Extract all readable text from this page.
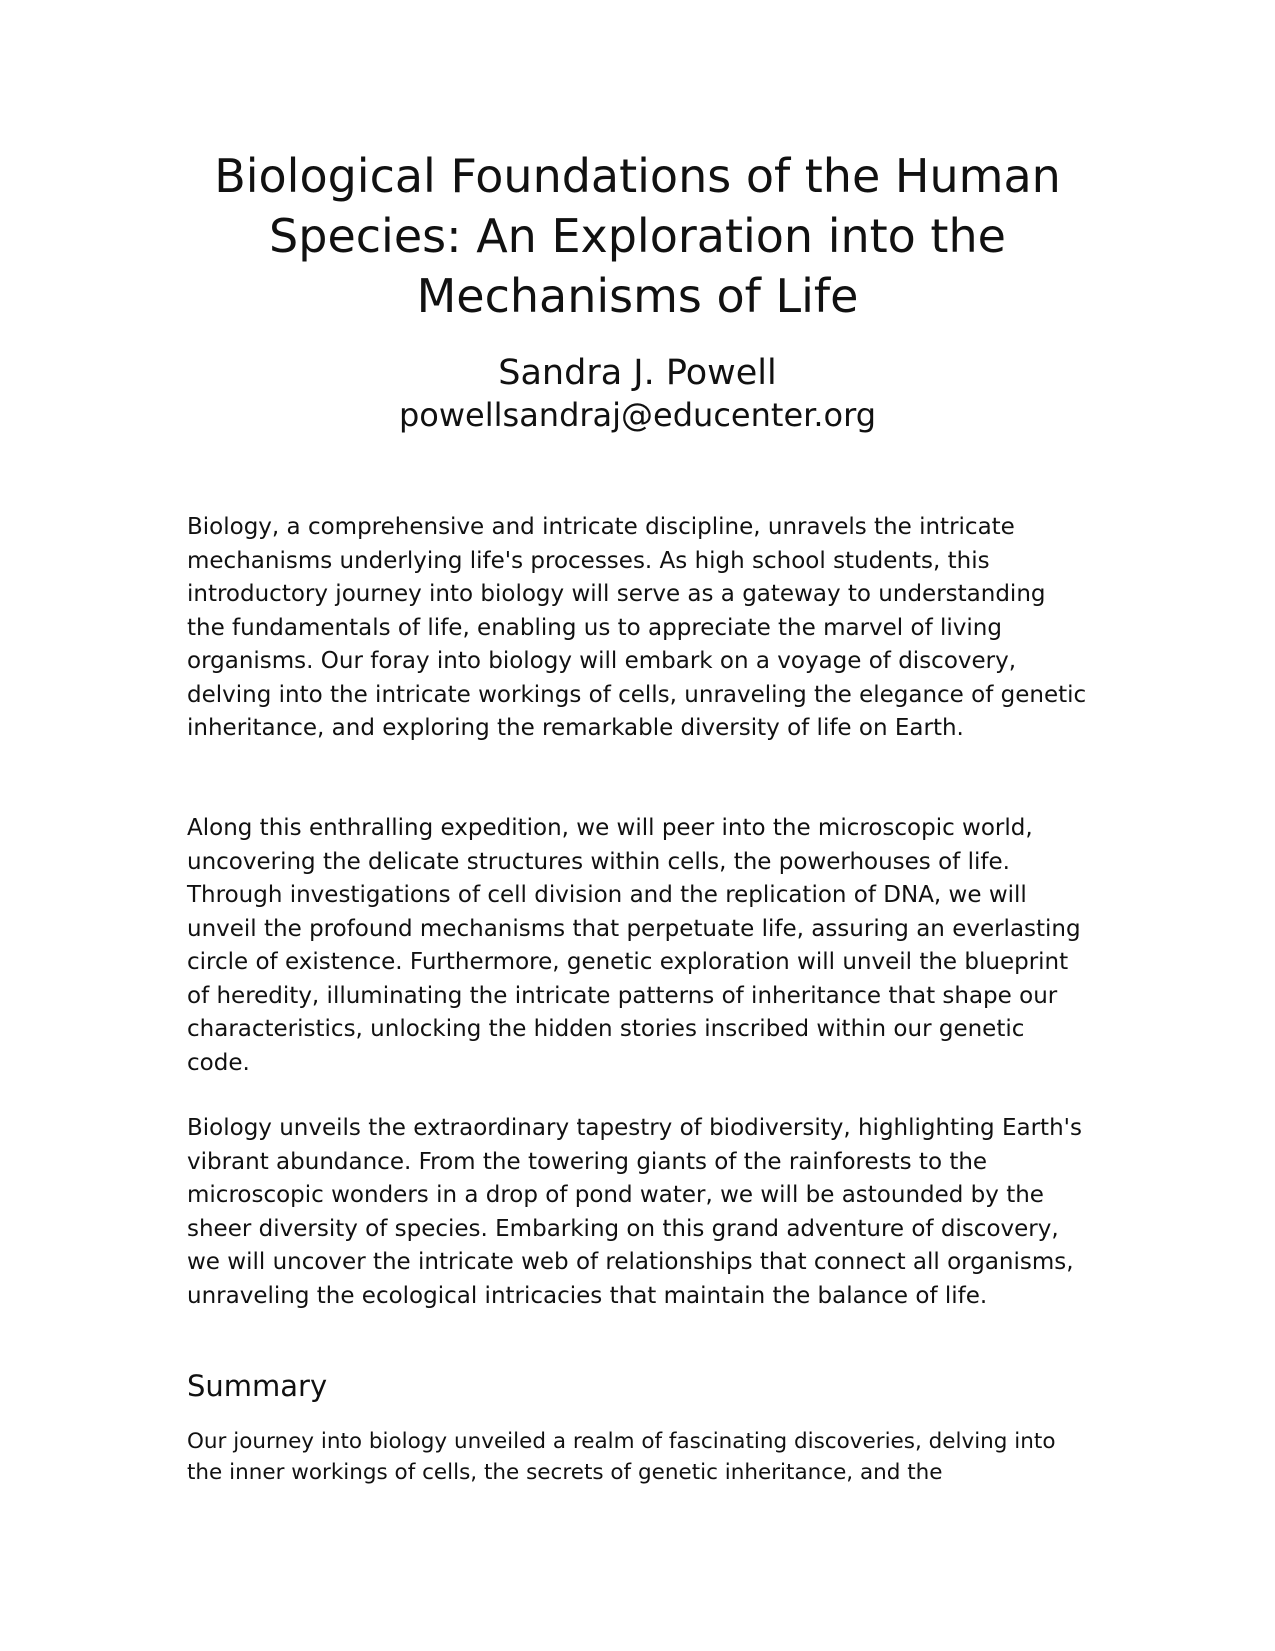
Biological Foundations of the Human Species: An Exploration into the Mechanisms of Life
Sandra J. Powell
powellsandraj@educenter.org

Biology, a comprehensive and intricate discipline, unravels the intricate mechanisms underlying life's processes. As high school students, this introductory journey into biology will serve as a gateway to understanding the fundamentals of life, enabling us to appreciate the marvel of living organisms. Our foray into biology will embark on a voyage of discovery, delving into the intricate workings of cells, unraveling the elegance of genetic inheritance, and exploring the remarkable diversity of life on Earth.

Along this enthralling expedition, we will peer into the microscopic world, uncovering the delicate structures within cells, the powerhouses of life. Through investigations of cell division and the replication of DNA, we will unveil the profound mechanisms that perpetuate life, assuring an everlasting circle of existence. Furthermore, genetic exploration will unveil the blueprint of heredity, illuminating the intricate patterns of inheritance that shape our characteristics, unlocking the hidden stories inscribed within our genetic code.

Biology unveils the extraordinary tapestry of biodiversity, highlighting Earth's vibrant abundance. From the towering giants of the rainforests to the microscopic wonders in a drop of pond water, we will be astounded by the sheer diversity of species. Embarking on this grand adventure of discovery, we will uncover the intricate web of relationships that connect all organisms, unraveling the ecological intricacies that maintain the balance of life.

Summary

Our journey into biology unveiled a realm of fascinating discoveries, delving into the inner workings of cells, the secrets of genetic inheritance, and the
